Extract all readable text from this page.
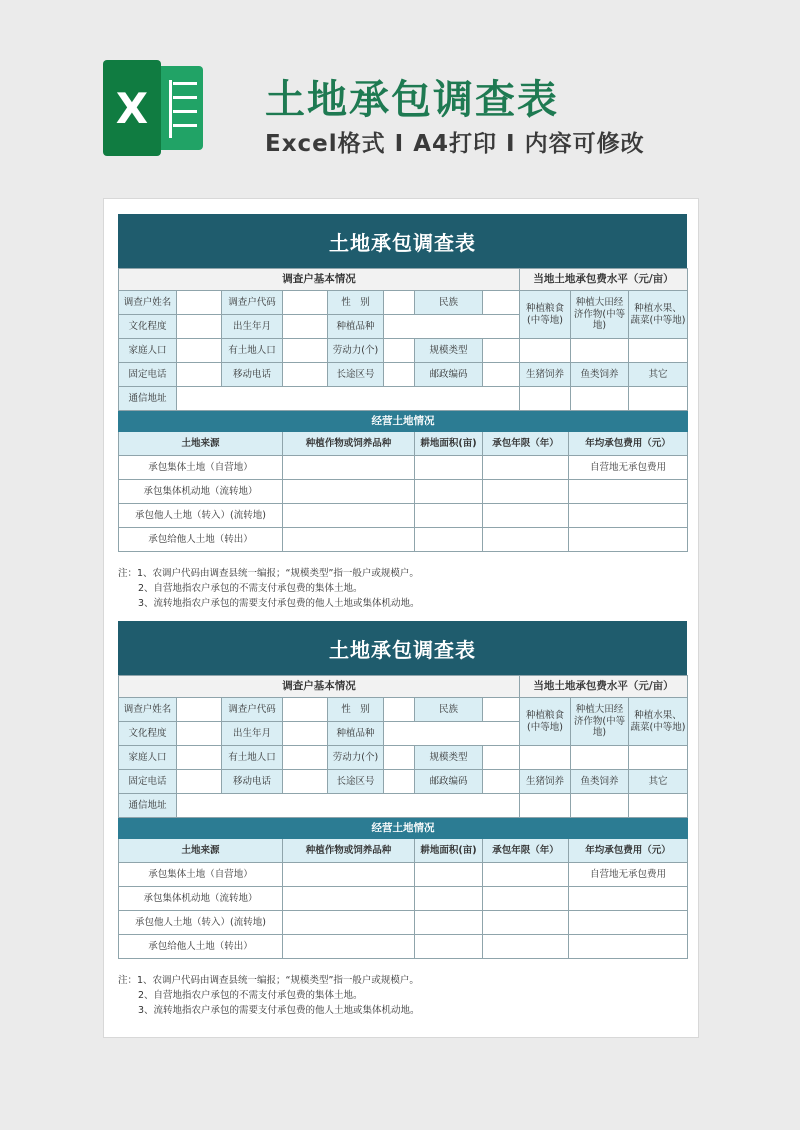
X	土地承包调查表
Excel格式 I A4打印 I 内容可修改
土地承包调查表
调查户基本情况								当地土地承包费水平（元/亩）		
调查户姓名		调查户代码		性　别		民族		种植粮食(中等地)	种植大田经济作物(中等地)	种植水果、蔬菜(中等地)
文化程度		出生年月		种植品种						
家庭人口		有土地人口		劳动力(个)		规模类型				
固定电话		移动电话		长途区号		邮政编码		生猪饲养	鱼类饲养	其它
通信地址										
经营土地情况				
土地来源	种植作物或饲养品种	耕地面积(亩)	承包年限（年）	年均承包费用（元）
承包集体土地（自营地）				自营地无承包费用
承包集体机动地（流转地）				
承包他人土地（转入）(流转地)				
承包给他人土地（转出）				
注：1、农调户代码由调查县统一编报；“规模类型”指一般户或规模户。
2、自营地指农户承包的不需支付承包费的集体土地。
3、流转地指农户承包的需要支付承包费的他人土地或集体机动地。
土地承包调查表
调查户基本情况								当地土地承包费水平（元/亩）		
调查户姓名		调查户代码		性　别		民族		种植粮食(中等地)	种植大田经济作物(中等地)	种植水果、蔬菜(中等地)
文化程度		出生年月		种植品种						
家庭人口		有土地人口		劳动力(个)		规模类型				
固定电话		移动电话		长途区号		邮政编码		生猪饲养	鱼类饲养	其它
通信地址										
经营土地情况				
土地来源	种植作物或饲养品种	耕地面积(亩)	承包年限（年）	年均承包费用（元）
承包集体土地（自营地）				自营地无承包费用
承包集体机动地（流转地）				
承包他人土地（转入）(流转地)				
承包给他人土地（转出）				
注：1、农调户代码由调查县统一编报；“规模类型”指一般户或规模户。
2、自营地指农户承包的不需支付承包费的集体土地。
3、流转地指农户承包的需要支付承包费的他人土地或集体机动地。
